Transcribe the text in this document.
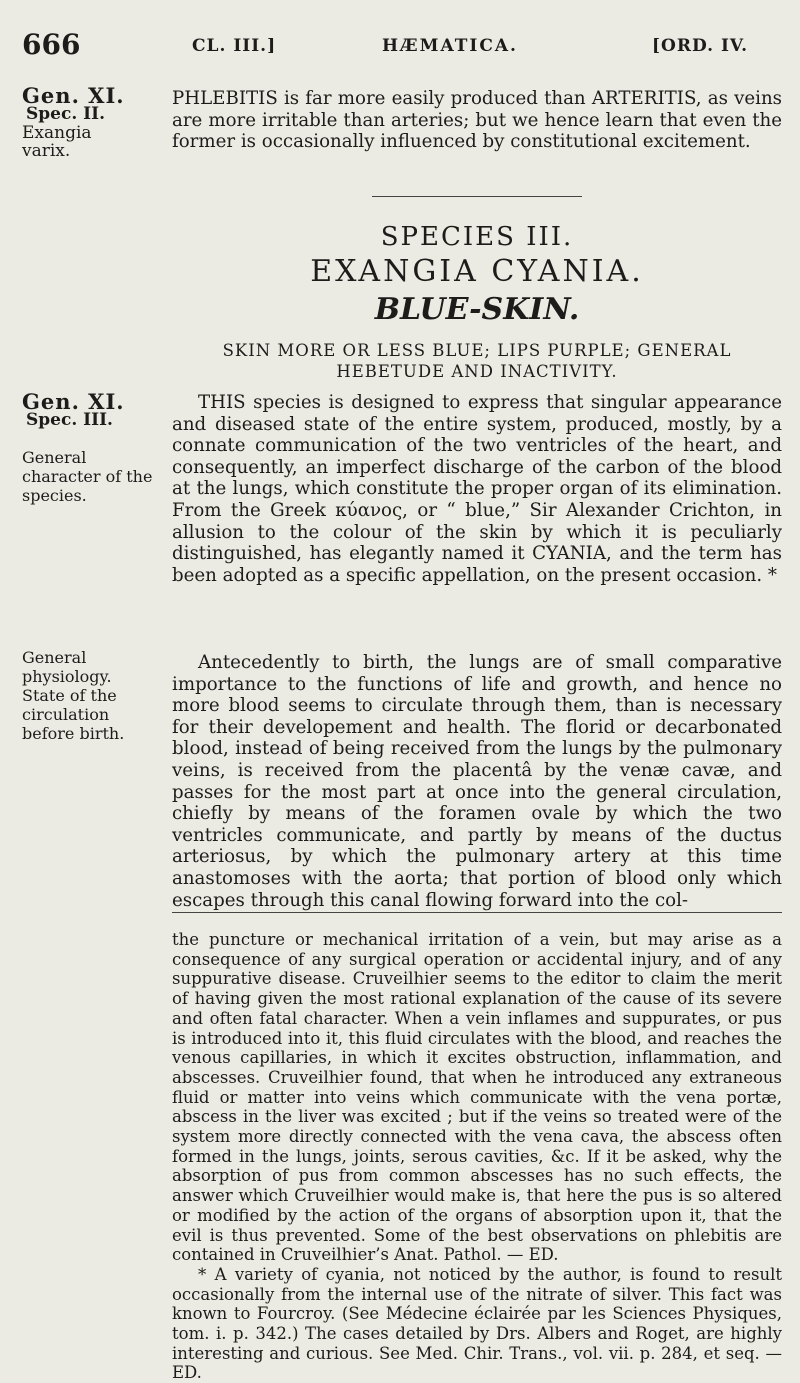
666	CL. III.]	HÆMATICA.	[ORD. IV.
Gen. XI.
Spec. II.
Exangia
varix.
PHLEBITIS is far more easily produced than ARTERITIS, as veins are more irritable than arteries; but we hence learn that even the former is occasionally influenced by constitutional excitement.
SPECIES III.
EXANGIA CYANIA.
BLUE-SKIN.
SKIN MORE OR LESS BLUE; LIPS PURPLE; GENERAL HEBETUDE AND INACTIVITY.
Gen. XI.
Spec. III.
General
character of the
species.
THIS species is designed to express that singular appearance and diseased state of the entire system, produced, mostly, by a connate communication of the two ventricles of the heart, and consequently, an imperfect discharge of the carbon of the blood at the lungs, which constitute the proper organ of its elimination. From the Greek κύανος, or “ blue,” Sir Alexander Crichton, in allusion to the colour of the skin by which it is peculiarly distinguished, has elegantly named it CYANIA, and the term has been adopted as a specific appellation, on the present occasion. *
General
physiology.
State of the
circulation
before birth.
Antecedently to birth, the lungs are of small comparative importance to the functions of life and growth, and hence no more blood seems to circulate through them, than is necessary for their developement and health. The florid or decarbonated blood, instead of being received from the lungs by the pulmonary veins, is received from the placentâ by the venæ cavæ, and passes for the most part at once into the general circulation, chiefly by means of the foramen ovale by which the two ventricles communicate, and partly by means of the ductus arteriosus, by which the pulmonary artery at this time anastomoses with the aorta; that portion of blood only which escapes through this canal flowing forward into the col-
the puncture or mechanical irritation of a vein, but may arise as a consequence of any surgical operation or accidental injury, and of any suppurative disease. Cruveilhier seems to the editor to claim the merit of having given the most rational explanation of the cause of its severe and often fatal character. When a vein inflames and suppurates, or pus is introduced into it, this fluid circulates with the blood, and reaches the venous capillaries, in which it excites obstruction, inflammation, and abscesses. Cruveilhier found, that when he introduced any extraneous fluid or matter into veins which communicate with the vena portæ, abscess in the liver was excited ; but if the veins so treated were of the system more directly connected with the vena cava, the abscess often formed in the lungs, joints, serous cavities, &c. If it be asked, why the absorption of pus from common abscesses has no such effects, the answer which Cruveilhier would make is, that here the pus is so altered or modified by the action of the organs of absorption upon it, that the evil is thus prevented. Some of the best observations on phlebitis are contained in Cruveilhier’s Anat. Pathol. — ED.
* A variety of cyania, not noticed by the author, is found to result occasionally from the internal use of the nitrate of silver. This fact was known to Fourcroy. (See Médecine éclairée par les Sciences Physiques, tom. i. p. 342.) The cases detailed by Drs. Albers and Roget, are highly interesting and curious. See Med. Chir. Trans., vol. vii. p. 284, et seq. — ED.
